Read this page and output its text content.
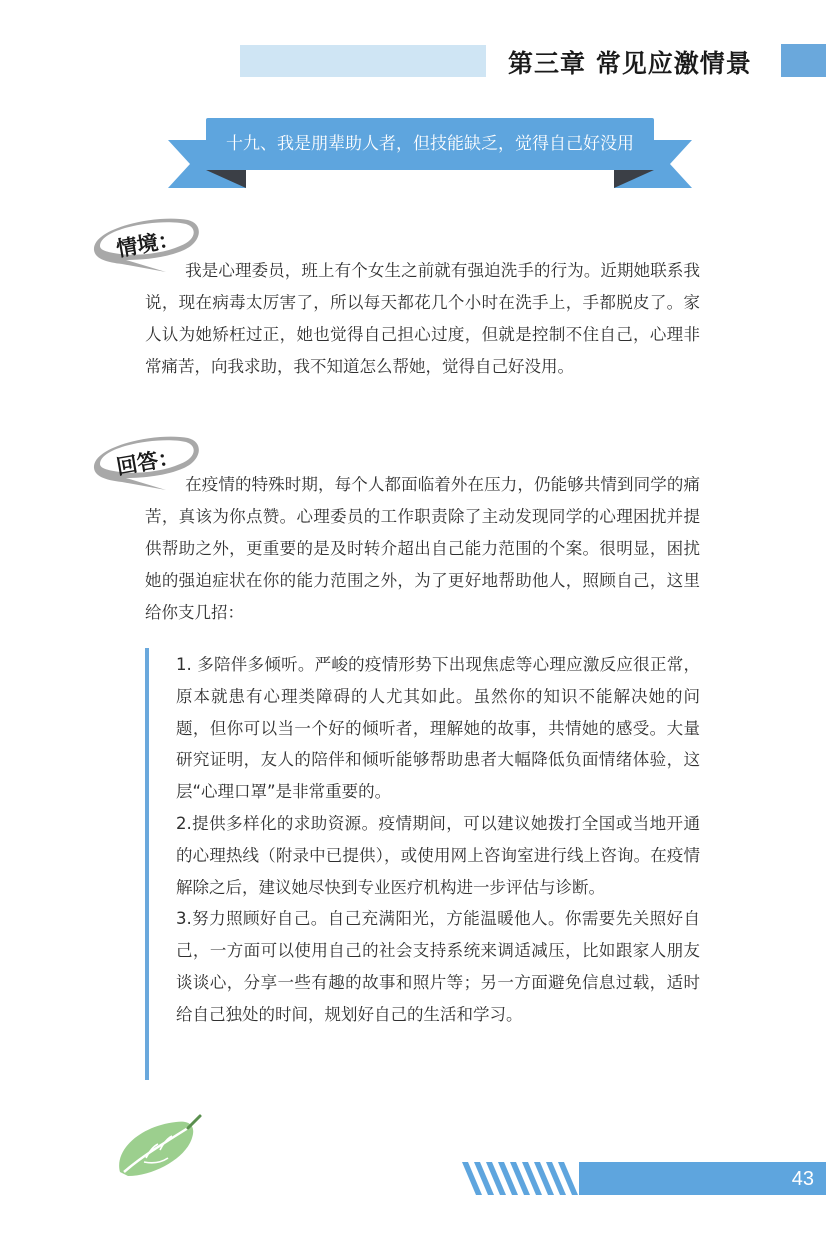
第三章 常见应激情景
十九、我是朋辈助人者，但技能缺乏，觉得自己好没用
情境：
我是心理委员，班上有个女生之前就有强迫洗手的行为。近期她联系我说，现在病毒太厉害了，所以每天都花几个小时在洗手上，手都脱皮了。家人认为她矫枉过正，她也觉得自己担心过度，但就是控制不住自己，心理非常痛苦，向我求助，我不知道怎么帮她，觉得自己好没用。
回答：
在疫情的特殊时期，每个人都面临着外在压力，仍能够共情到同学的痛苦，真该为你点赞。心理委员的工作职责除了主动发现同学的心理困扰并提供帮助之外，更重要的是及时转介超出自己能力范围的个案。很明显，困扰她的强迫症状在你的能力范围之外，为了更好地帮助他人，照顾自己，这里给你支几招：

1. 多陪伴多倾听。严峻的疫情形势下出现焦虑等心理应激反应很正常，原本就患有心理类障碍的人尤其如此。虽然你的知识不能解决她的问题，但你可以当一个好的倾听者，理解她的故事，共情她的感受。大量研究证明，友人的陪伴和倾听能够帮助患者大幅降低负面情绪体验，这层“心理口罩”是非常重要的。

2.提供多样化的求助资源。疫情期间，可以建议她拨打全国或当地开通的心理热线（附录中已提供），或使用网上咨询室进行线上咨询。在疫情解除之后，建议她尽快到专业医疗机构进一步评估与诊断。

3.努力照顾好自己。自己充满阳光，方能温暖他人。你需要先关照好自己，一方面可以使用自己的社会支持系统来调适减压，比如跟家人朋友谈谈心，分享一些有趣的故事和照片等；另一方面避免信息过载，适时给自己独处的时间，规划好自己的生活和学习。

43
